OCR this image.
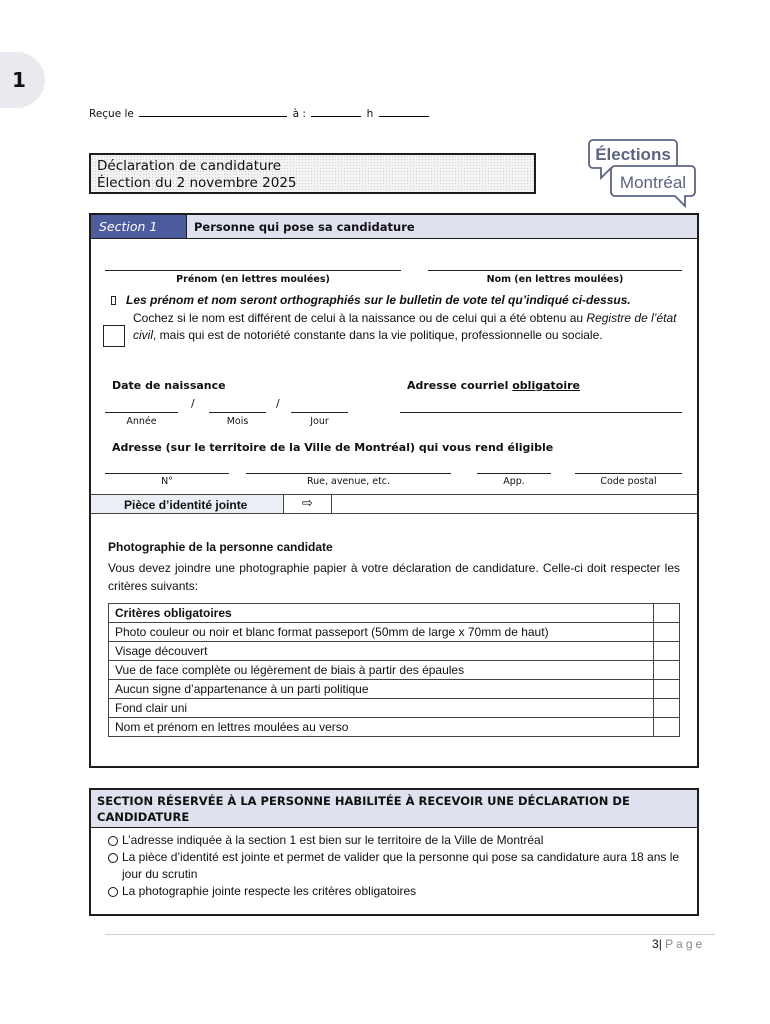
1
Reçue le	à :	h
Déclaration de candidature
Élection du 2 novembre 2025
Élections
Montréal
Section 1	Personne qui pose sa candidature
Prénom (en lettres moulées)	Nom (en lettres moulées)
Les prénom et nom seront orthographiés sur le bulletin de vote tel qu’indiqué ci-dessus.
Cochez si le nom est différent de celui à la naissance ou de celui qui a été obtenu au Registre de l’état civil, mais qui est de notoriété constante dans la vie politique, professionnelle ou sociale.
Date de naissance
/	/
Année	Mois	Jour
Adresse courriel obligatoire
Adresse (sur le territoire de la Ville de Montréal) qui vous rend éligible
N°	Rue, avenue, etc.	App.	Code postal
Pièce d’identité jointe	⇨
Photographie de la personne candidate
Vous devez joindre une photographie papier à votre déclaration de candidature. Celle-ci doit respecter les critères suivants:
Critères obligatoires	
Photo couleur ou noir et blanc format passeport (50mm de large x 70mm de haut)	
Visage découvert	
Vue de face complète ou légèrement de biais à partir des épaules	
Aucun signe d’appartenance à un parti politique	
Fond clair uni	
Nom et prénom en lettres moulées au verso	
SECTION RÉSERVÉE À LA PERSONNE HABILITÉE À RECEVOIR UNE DÉCLARATION DE CANDIDATURE
L’adresse indiquée à la section 1 est bien sur le territoire de la Ville de Montréal
La pièce d’identité est jointe et permet de valider que la personne qui pose sa candidature aura 18 ans le jour du scrutin
La photographie jointe respecte les critères obligatoires
3| Page
